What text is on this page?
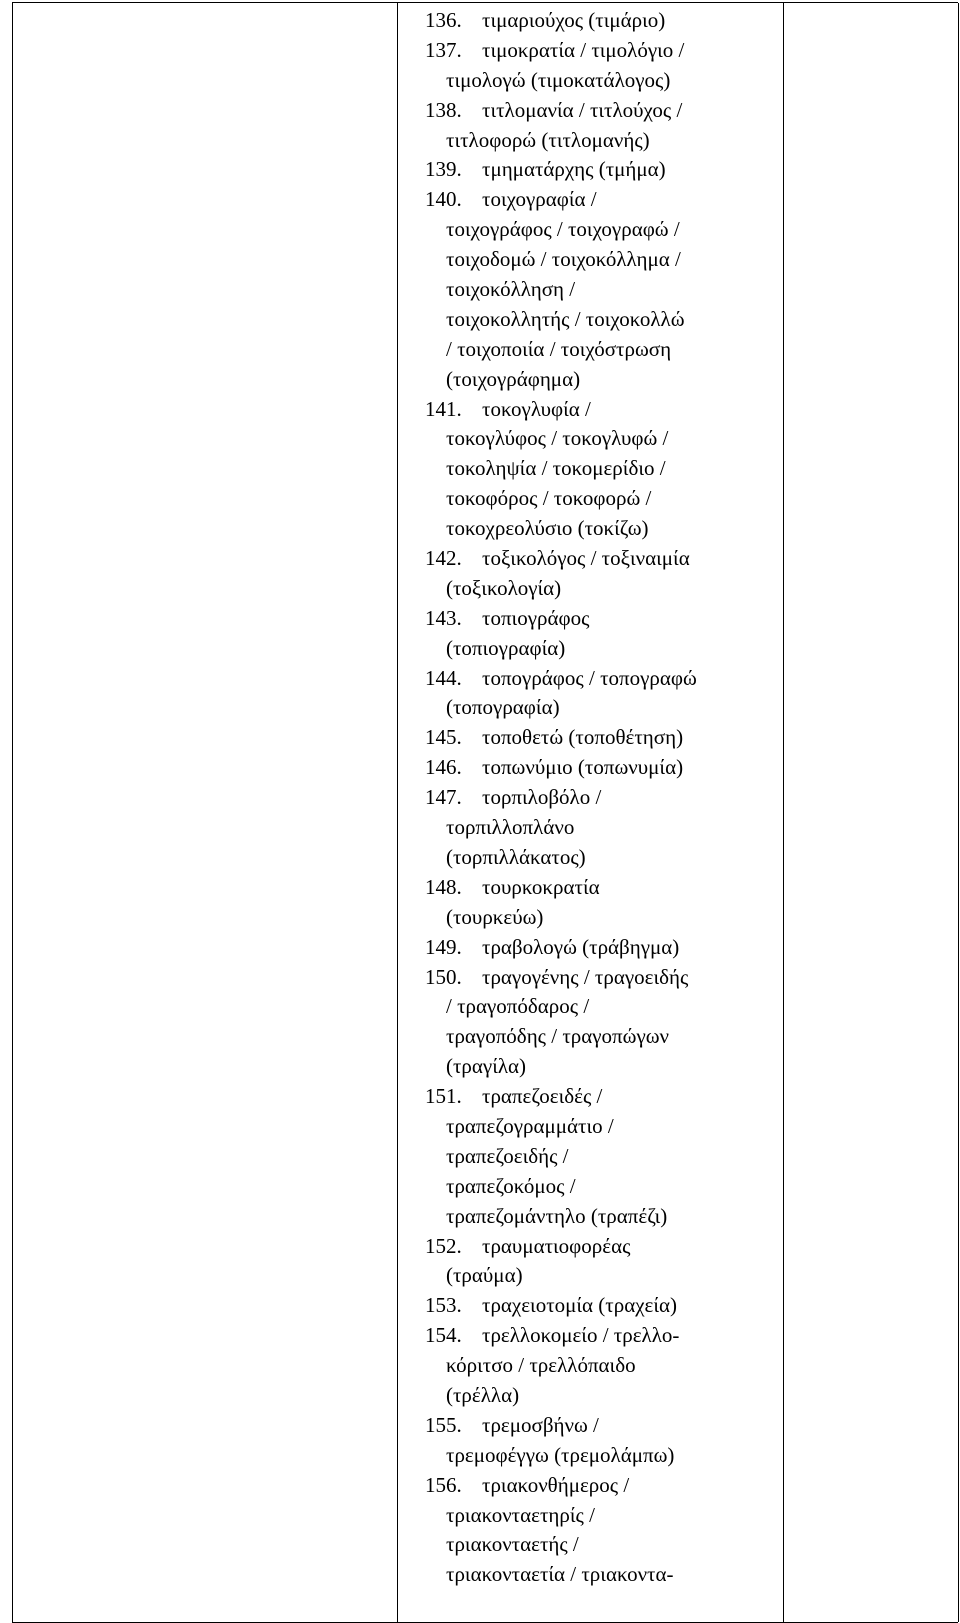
136. τιμαριούχος (τιμάριο)
137. τιμοκρατία / τιμολόγιο /
τιμολογώ (τιμοκατάλογος)
138. τιτλομανία / τιτλούχος /
τιτλοφορώ (τιτλομανής)
139. τμηματάρχης (τμήμα)
140. τοιχογραφία /
τοιχογράφος / τοιχογραφώ /
τοιχοδομώ / τοιχοκόλλημα /
τοιχοκόλληση /
τοιχοκολλητής / τοιχοκολλώ
/ τοιχοποιία / τοιχόστρωση
(τοιχογράφημα)
141. τοκογλυφία /
τοκογλύφος / τοκογλυφώ /
τοκοληψία / τοκομερίδιο /
τοκοφόρος / τοκοφορώ /
τοκοχρεολύσιο (τοκίζω)
142. τοξικολόγος / τοξιναιμία
(τοξικολογία)
143. τοπιογράφος
(τοπιογραφία)
144. τοπογράφος / τοπογραφώ
(τοπογραφία)
145. τοποθετώ (τοποθέτηση)
146. τοπωνύμιο (τοπωνυμία)
147. τορπιλοβόλο /
τορπιλλοπλάνο
(τορπιλλάκατος)
148. τουρκοκρατία
(τουρκεύω)
149. τραβολογώ (τράβηγμα)
150. τραγογένης / τραγοειδής
/ τραγοπόδαρος /
τραγοπόδης / τραγοπώγων
(τραγίλα)
151. τραπεζοειδές /
τραπεζογραμμάτιο /
τραπεζοειδής /
τραπεζοκόμος /
τραπεζομάντηλο (τραπέζι)
152. τραυματιοφορέας
(τραύμα)
153. τραχειοτομία (τραχεία)
154. τρελλοκομείο / τρελλο-
κόριτσο / τρελλόπαιδο
(τρέλλα)
155. τρεμοσβήνω /
τρεμοφέγγω (τρεμολάμπω)
156. τριακονθήμερος /
τριακονταετηρίς /
τριακονταετής /
τριακονταετία / τριακοντα-
